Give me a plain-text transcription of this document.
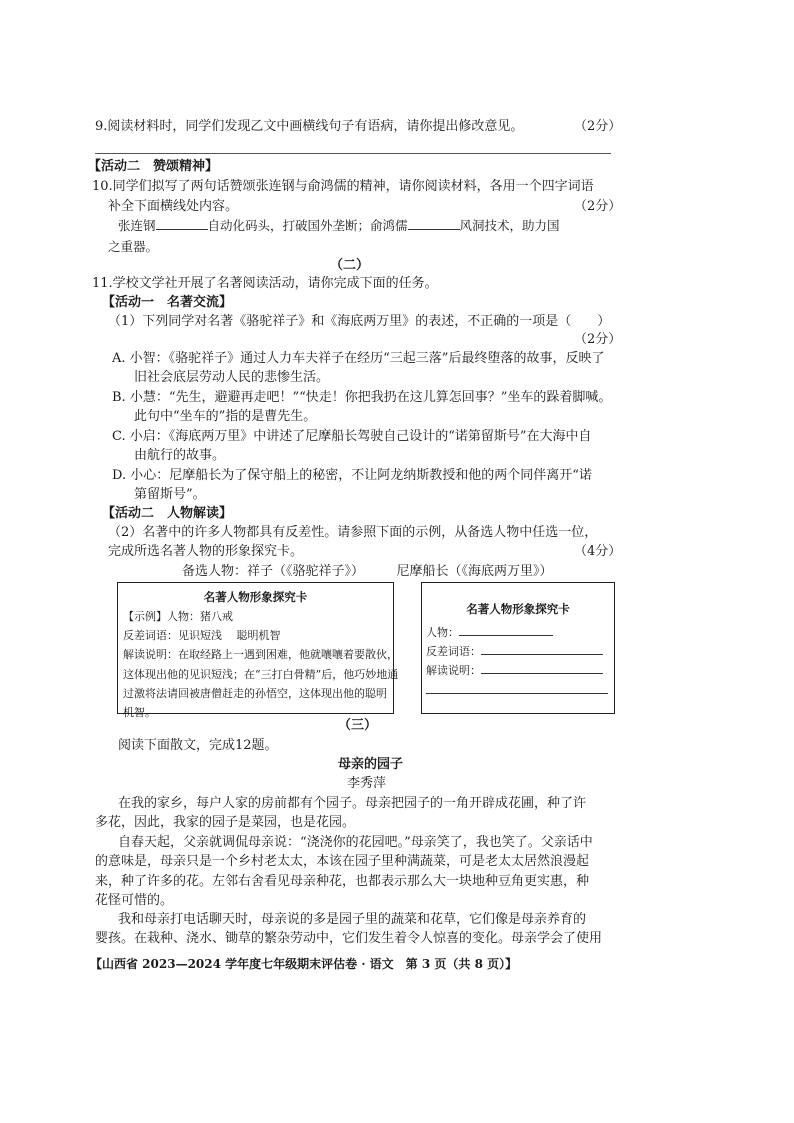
9.阅读材料时，同学们发现乙文中画横线句子有语病，请你提出修改意见。	（2分）
【活动二　赞颂精神】
10.同学们拟写了两句话赞颂张连钢与俞鸿儒的精神，请你阅读材料，各用一个四字词语
补全下面横线处内容。	（2分）
张连钢	自动化码头，打破国外垄断；俞鸿儒	风洞技术，助力国
之重器。
（二）
11.学校文学社开展了名著阅读活动，请你完成下面的任务。
【活动一　名著交流】
（1）下列同学对名著《骆驼祥子》和《海底两万里》的表述，不正确的一项是（　　）
（2分）
A. 小智：《骆驼祥子》通过人力车夫祥子在经历“三起三落”后最终堕落的故事，反映了
旧社会底层劳动人民的悲惨生活。
B. 小慧：“先生，避避再走吧！”“快走！你把我扔在这儿算怎回事？”坐车的跺着脚喊。
此句中“坐车的”指的是曹先生。
C. 小启：《海底两万里》中讲述了尼摩船长驾驶自己设计的“诺第留斯号”在大海中自
由航行的故事。
D. 小心：尼摩船长为了保守船上的秘密，不让阿龙纳斯教授和他的两个同伴离开“诺
第留斯号”。
【活动二　人物解读】
（2）名著中的许多人物都具有反差性。请参照下面的示例，从备选人物中任选一位，
完成所选名著人物的形象探究卡。	（4分）
备选人物：祥子（《骆驼祥子》）　　　尼摩船长（《海底两万里》）
名著人物形象探究卡
【示例】人物：猪八戒
反差词语：见识短浅　 聪明机智
解读说明：在取经路上一遇到困难，他就嚷嚷着要散伙，
这体现出他的见识短浅；在“三打白骨精”后，他巧妙地通
过激将法请回被唐僧赶走的孙悟空，这体现出他的聪明
机智。
名著人物形象探究卡
人物：
反差词语：
解读说明：
（三）
阅读下面散文，完成12题。
母亲的园子
李秀萍
在我的家乡，每户人家的房前都有个园子。母亲把园子的一角开辟成花圃，种了许
多花，因此，我家的园子是菜园，也是花园。
自春天起，父亲就调侃母亲说：“浇浇你的花园吧。”母亲笑了，我也笑了。父亲话中
的意味是，母亲只是一个乡村老太太，本该在园子里种满蔬菜，可是老太太居然浪漫起
来，种了许多的花。左邻右舍看见母亲种花，也都表示那么大一块地种豆角更实惠，种
花怪可惜的。
我和母亲打电话聊天时，母亲说的多是园子里的蔬菜和花草，它们像是母亲养育的
婴孩。在栽种、浇水、锄草的繁杂劳动中，它们发生着令人惊喜的变化。母亲学会了使用
【山西省 2023—2024 学年度七年级期末评估卷 · 语文　第 3 页（共 8 页）】
